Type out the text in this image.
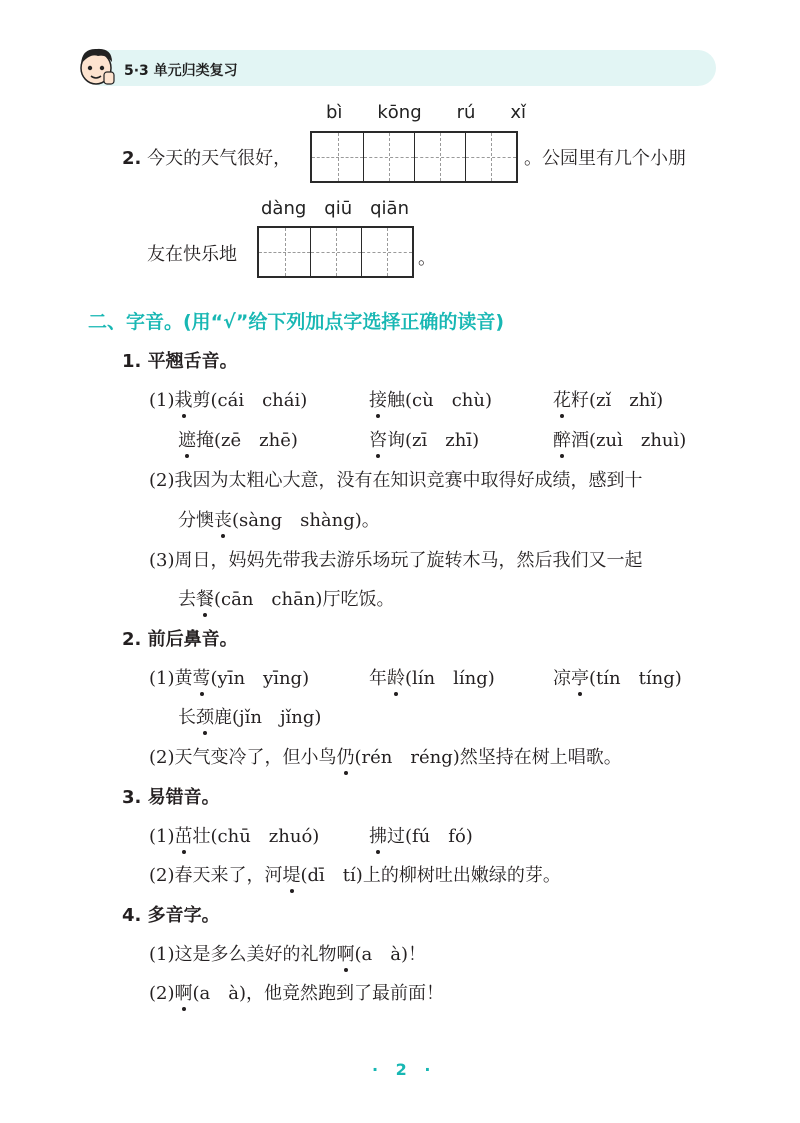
5·3 单元归类复习
bì kōng rú xǐ
2. 今天的天气很好，	。公园里有几个小朋
dàng qiū qiān
友在快乐地	。
二、字音。(用“√”给下列加点字选择正确的读音)
1. 平翘舌音。
(1)栽剪(cái　chái)	接触(cù　chù)	花籽(zǐ　zhǐ)
遮掩(zē　zhē)	咨询(zī　zhī)	醉酒(zuì　zhuì)
(2)我因为太粗心大意，没有在知识竞赛中取得好成绩，感到十
分懊丧(sàng　shàng)。
(3)周日，妈妈先带我去游乐场玩了旋转木马，然后我们又一起
去餐(cān　chān)厅吃饭。
2. 前后鼻音。
(1)黄莺(yīn　yīng)	年龄(lín　líng)	凉亭(tín　tíng)
长颈鹿(jǐn　jǐng)
(2)天气变冷了，但小鸟仍(rén　réng)然坚持在树上唱歌。
3. 易错音。
(1)茁壮(chū　zhuó)	拂过(fú　fó)
(2)春天来了，河堤(dī　tí)上的柳树吐出嫩绿的芽。
4. 多音字。
(1)这是多么美好的礼物啊(a　à)！
(2)啊(a　à)，他竟然跑到了最前面！
· 2 ·
